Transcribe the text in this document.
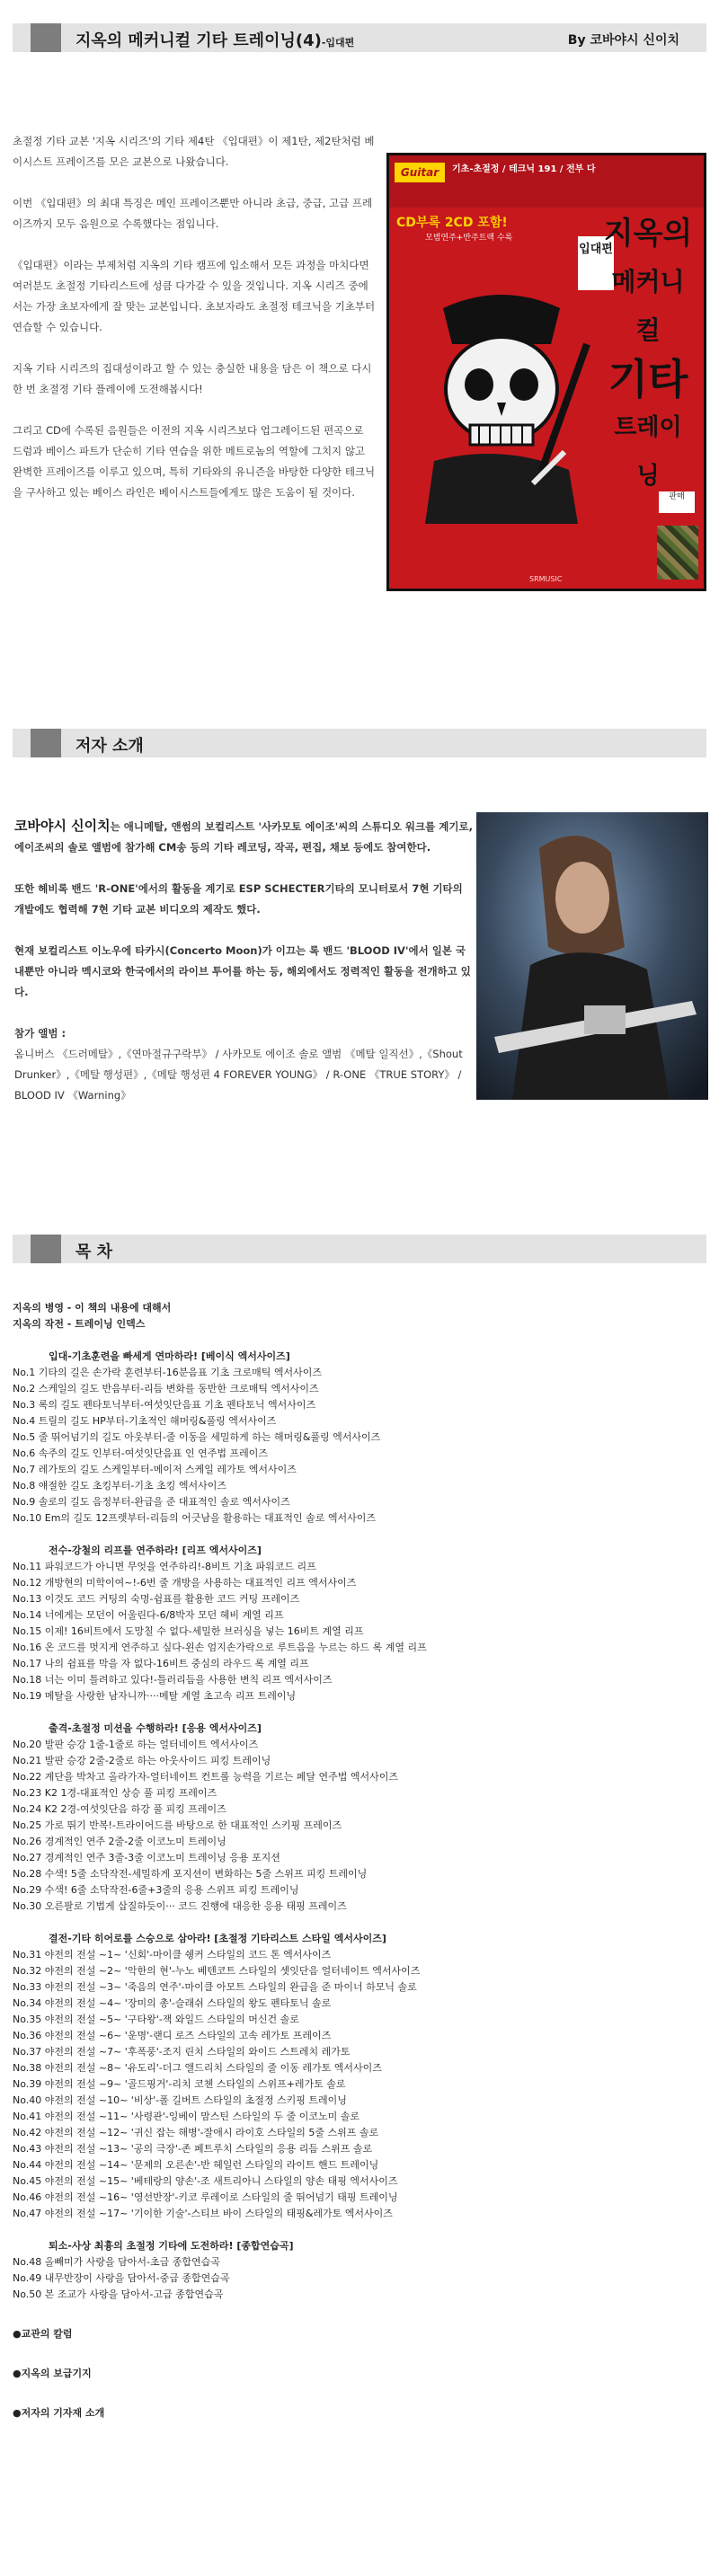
지옥의 메커니컬 기타 트레이닝(4)-입대편	By 코바야시 신이치

초절정 기타 교본 '지옥 시리즈'의 기타 제4탄 《입대편》이 제1탄, 제2탄처럼 베이시스트 프레이즈를 모은 교본으로 나왔습니다.

이번 《입대편》의 최대 특징은 메인 프레이즈뿐만 아니라 초급, 중급, 고급 프레이즈까지 모두 음원으로 수록했다는 점입니다.

《입대편》이라는 부제처럼 지옥의 기타 캠프에 입소해서 모든 과정을 마치다면 여러분도 초절정 기타리스트에 성큼 다가갈 수 있을 것입니다. 지옥 시리즈 중에서는 가장 초보자에게 잘 맞는 교본입니다. 초보자라도 초절정 테크닉을 기초부터 연습할 수 있습니다.

지옥 기타 시리즈의 집대성이라고 할 수 있는 충실한 내용을 담은 이 책으로 다시 한 번 초절정 기타 플레이에 도전해봅시다!

그리고 CD에 수록된 음원들은 이전의 지옥 시리즈보다 업그레이드된 편곡으로 드럼과 베이스 파트가 단순히 기타 연습을 위한 메트로놈의 역할에 그치지 않고 완벽한 프레이즈를 이루고 있으며, 특히 기타와의 유니즌을 바탕한 다양한 테크닉을 구사하고 있는 베이스 라인은 베이시스트들에게도 많은 도움이 될 것이다.

기초-초절정 / 테크닉 191 / 전부 다
Guitar
CD부록 2CD 포함!
모범연주+반주트랙 수록
입대편
지옥의
메커니컬
기타
트레이닝
판매
SRMUSIC
저자 소개

코바야시 신이치는 애니메탈, 앤썸의 보컬리스트 '사카모토 에이조'씨의 스튜디오 워크를 계기로, 에이조씨의 솔로 앨범에 참가해 CM송 등의 기타 레코딩, 작곡, 편집, 채보 등에도 참여한다.

또한 헤비록 밴드 'R-ONE'에서의 활동을 계기로 ESP SCHECTER기타의 모니터로서 7현 기타의 개발에도 협력해 7현 기타 교본 비디오의 제작도 했다.

현재 보컬리스트 이노우에 타카시(Concerto Moon)가 이끄는 록 밴드 'BLOOD IV'에서 일본 국내뿐만 아니라 멕시코와 한국에서의 라이브 투어를 하는 등, 해외에서도 정력적인 활동을 전개하고 있다.

참가 앨범 :

옴니버스 《드러메탈》,《연마절규구락부》 / 사카모토 에이조 솔로 앨범 《메탈 일직선》,《Shout Drunker》,《메탈 행성편》,《메탈 행성편 4 FOREVER YOUNG》 / R-ONE 《TRUE STORY》 / BLOOD IV 《Warning》

목 차
지옥의 병영 - 이 책의 내용에 대해서
지옥의 작전 - 트레이닝 인덱스
입대-기초훈련을 빠세게 연마하라! [베이식 엑서사이즈]
No.1 기타의 길은 손가락 훈련부터-16분음표 기초 크로매틱 엑서사이즈
No.2 스케일의 길도 반음부터-리듬 변화를 동반한 크로매틱 엑서사이즈
No.3 록의 길도 펜타토닉부터-여섯잇단음표 기초 펜타토닉 엑서사이즈
No.4 트릴의 길도 HP부터-기초적인 해머링&풀링 엑서사이즈
No.5 줄 뛰어넘기의 길도 아웃부터-줄 이동을 세밀하게 하는 해머링&풀링 엑서사이즈
No.6 속주의 길도 인부터-여섯잇단음표 인 연주법 프레이즈
No.7 레가토의 길도 스케일부터-메이저 스케일 레가토 엑서사이즈
No.8 얘절한 길도 초킹부터-기초 초킹 엑서사이즈
No.9 솔로의 길도 음정부터-완급을 준 대표적인 솔로 엑서사이즈
No.10 Em의 길도 12프렛부터-리듬의 어긋남을 활용하는 대표적인 솔로 엑서사이즈
전수-강철의 리프를 연주하라! [리프 엑서사이즈]
No.11 파워코드가 아니면 무엇을 연주하리!-8비트 기초 파워코드 리프
No.12 개방현의 미학이여~!-6번 줄 개방을 사용하는 대표적인 리프 엑서사이즈
No.13 이것도 코드 커팅의 숙명-쉼표를 활용한 코드 커팅 프레이즈
No.14 너에게는 모던이 어울린다-6/8박자 모던 헤비 계열 리프
No.15 이제! 16비트에서 도망칠 수 없다-세밀한 브러싱을 넣는 16비트 계열 리프
No.16 온 코드를 멋지게 연주하고 싶다-왼손 엄지손가락으로 루트음을 누르는 하드 록 계열 리프
No.17 나의 쉼표를 막을 자 없다-16비트 중심의 라우드 록 계열 리프
No.18 너는 이미 틀려하고 있다!-틀러리듬을 사용한 변칙 리프 엑서사이즈
No.19 메탈을 사랑한 남자니까····메탈 계열 초고속 리프 트레이닝
출격-초절정 미션을 수행하라! [응용 엑서사이즈]
No.20 발판 승강 1줄-1줄로 하는 얼터네이트 엑서사이즈
No.21 발판 승강 2줄-2줄로 하는 아웃사이드 피킹 트레이닝
No.22 계단을 박차고 올라가자-얼터네이트 컨트롤 능력을 기르는 페달 연주법 엑서사이즈
No.23 K2 1경-대표적인 상승 풀 피킹 프레이즈
No.24 K2 2경-여섯잇단음 하강 풀 피킹 프레이즈
No.25 가로 뛰기 반복!-트라이어드를 바탕으로 한 대표적인 스키핑 프레이즈
No.26 경계적인 연주 2줄-2줄 이코노미 트레이닝
No.27 경계적인 연주 3줄-3줄 이코노미 트레이닝 응용 포지션
No.28 수색! 5줄 소닥작전-세밀하게 포지션이 변화하는 5줄 스위프 피킹 트레이닝
No.29 수색! 6줄 소닥작전-6줄+3줄의 응용 스위프 피킹 트레이닝
No.30 오른팔로 기법게 삽질하듯이··· 코드 진행에 대응한 응용 태핑 프레이즈
결전-기타 히어로를 스승으로 삼아라! [초절정 기타리스트 스타일 엑서사이즈]
No.31 야전의 전설 ~1~ '신회'-마이클 쉥커 스타일의 코드 톤 엑서사이즈
No.32 야전의 전설 ~2~ '악한의 현'-누노 베텐코트 스타일의 셋잇단음 얼터네이트 엑서사이즈
No.33 야전의 전설 ~3~ '죽음의 연주'-마이클 아모트 스타일의 완급을 준 마이너 하모닉 솔로
No.34 야전의 전설 ~4~ '장미의 총'-슬래쉬 스타일의 왕도 펜타토닉 솔로
No.35 야전의 전설 ~5~ '구타왕'-잭 와일드 스타일의 머신건 솔로
No.36 야전의 전설 ~6~ '운명'-랜디 로즈 스타일의 고속 레가토 프레이즈
No.37 야전의 전설 ~7~ '후폭풍'-조지 린치 스타일의 와이드 스트레치 레가토
No.38 야전의 전설 ~8~ '유도리'-더그 앨드리치 스타일의 줄 이동 레가토 엑서사이즈
No.39 야전의 전설 ~9~ '골드핑거'-리치 코첸 스타일의 스위프+레가토 솔로
No.40 야전의 전설 ~10~ '비상'-폴 길버트 스타일의 초절정 스키핑 트레이닝
No.41 야전의 전설 ~11~ '사령관'-잉베이 맘스틴 스타일의 두 줄 이코노미 솔로
No.42 야전의 전설 ~12~ '귀신 잡는 해병'-잘애시 라이호 스타일의 5줄 스위프 솔로
No.43 야전의 전설 ~13~ '공의 극장'-존 페트루치 스타일의 응용 리듬 스위프 솔로
No.44 야전의 전설 ~14~ '문제의 오른손'-반 헤일런 스타일의 라이트 핸드 트레이닝
No.45 야전의 전설 ~15~ '베테랑의 양손'-조 새트리아니 스타일의 양손 태핑 엑서사이즈
No.46 야전의 전설 ~16~ '영선반장'-키코 루레이로 스타일의 줄 뛰어넘기 태핑 트레이닝
No.47 야전의 전설 ~17~ '기이한 기술'-스티브 바이 스타일의 태핑&레가토 엑서사이즈
퇴소-사상 최흉의 초절정 기타에 도전하라! [종합연습곡]
No.48 올빼미가 사랑을 담아서-초급 종합연습곡
No.49 내무반장이 사랑을 담아서-중급 종합연습곡
No.50 본 조교가 사랑을 담아서-고급 종합연습곡
●교관의 칼럼
●지옥의 보급기지
●저자의 기자재 소개
